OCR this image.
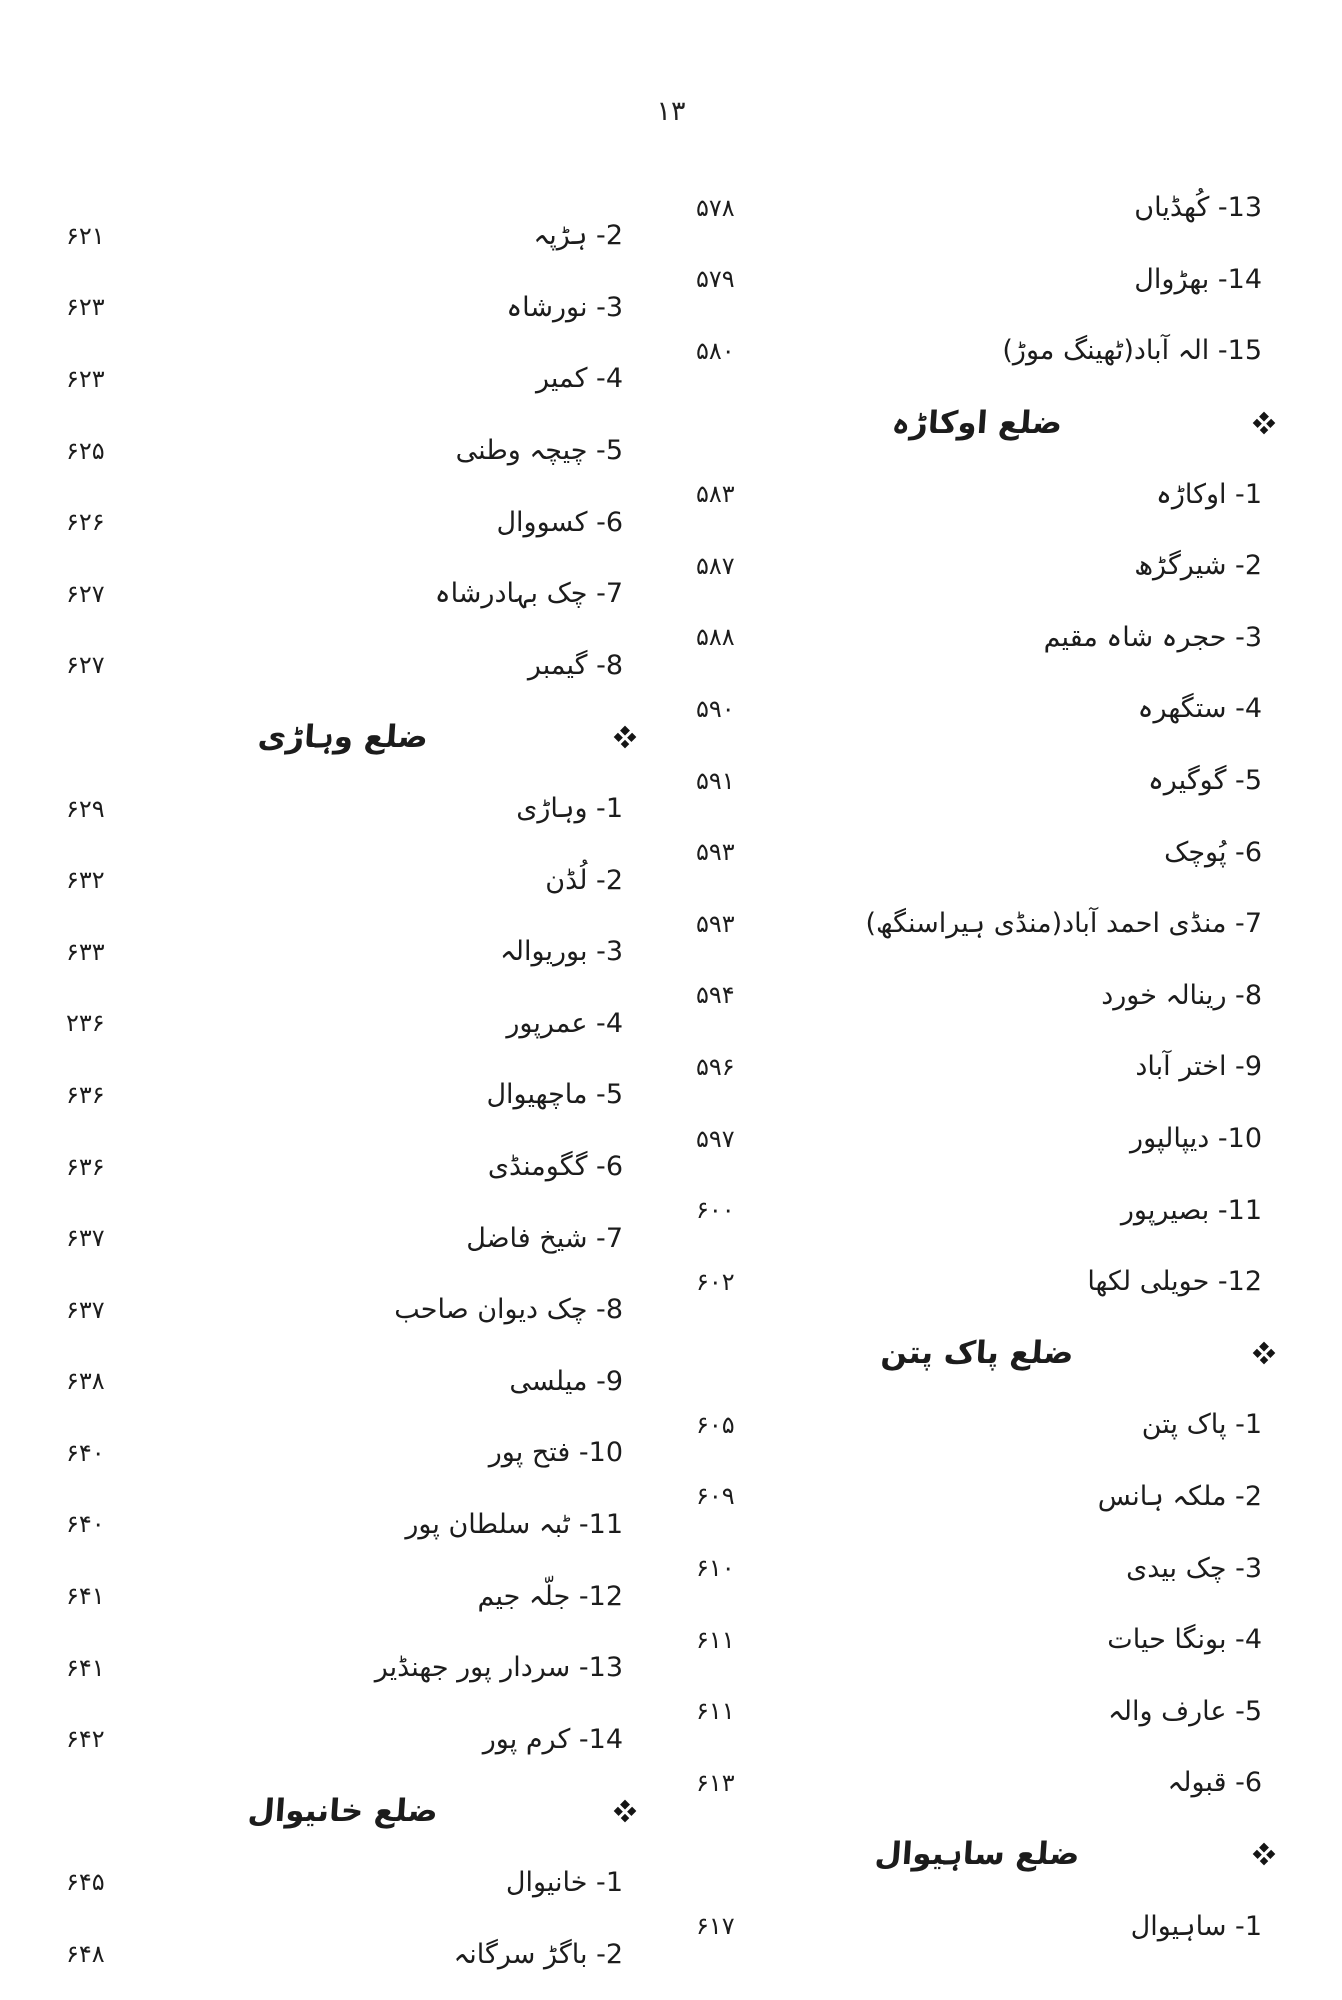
۱۳
13- کُھڈیاں
۵۷۸
14- بھڑوال
۵۷۹
15- الہ آباد(ٹھینگ موڑ)
۵۸۰
ضلع اوکاڑہ
1- اوکاڑہ
۵۸۳
2- شیرگڑھ
۵۸۷
3- حجرہ شاہ مقیم
۵۸۸
4- ستگھرہ
۵۹۰
5- گوگیرہ
۵۹۱
6- پُوچک
۵۹۳
7- منڈی احمد آباد(منڈی ہیراسنگھ)
۵۹۳
8- رینالہ خورد
۵۹۴
9- اختر آباد
۵۹۶
10- دیپالپور
۵۹۷
11- بصیرپور
۶۰۰
12- حویلی لکھا
۶۰۲
ضلع پاک پتن
1- پاک پتن
۶۰۵
2- ملکہ ہانس
۶۰۹
3- چک بیدی
۶۱۰
4- بونگا حیات
۶۱۱
5- عارف والہ
۶۱۱
6- قبولہ
۶۱۳
ضلع ساہیوال
1- ساہیوال
۶۱۷
2- ہڑپہ
۶۲۱
3- نورشاہ
۶۲۳
4- کمیر
۶۲۳
5- چیچہ وطنی
۶۲۵
6- کسووال
۶۲۶
7- چک بہادرشاہ
۶۲۷
8- گیمبر
۶۲۷
ضلع وہاڑی
1- وہاڑی
۶۲۹
2- لُڈن
۶۳۲
3- بوریوالہ
۶۳۳
4- عمرپور
۲۳۶
5- ماچھیوال
۶۳۶
6- گگومنڈی
۶۳۶
7- شیخ فاضل
۶۳۷
8- چک دیوان صاحب
۶۳۷
9- میلسی
۶۳۸
10- فتح پور
۶۴۰
11- ٹبہ سلطان پور
۶۴۰
12- جلّہ جیم
۶۴۱
13- سردار پور جھنڈیر
۶۴۱
14- کرم پور
۶۴۲
ضلع خانیوال
1- خانیوال
۶۴۵
2- باگڑ سرگانہ
۶۴۸
